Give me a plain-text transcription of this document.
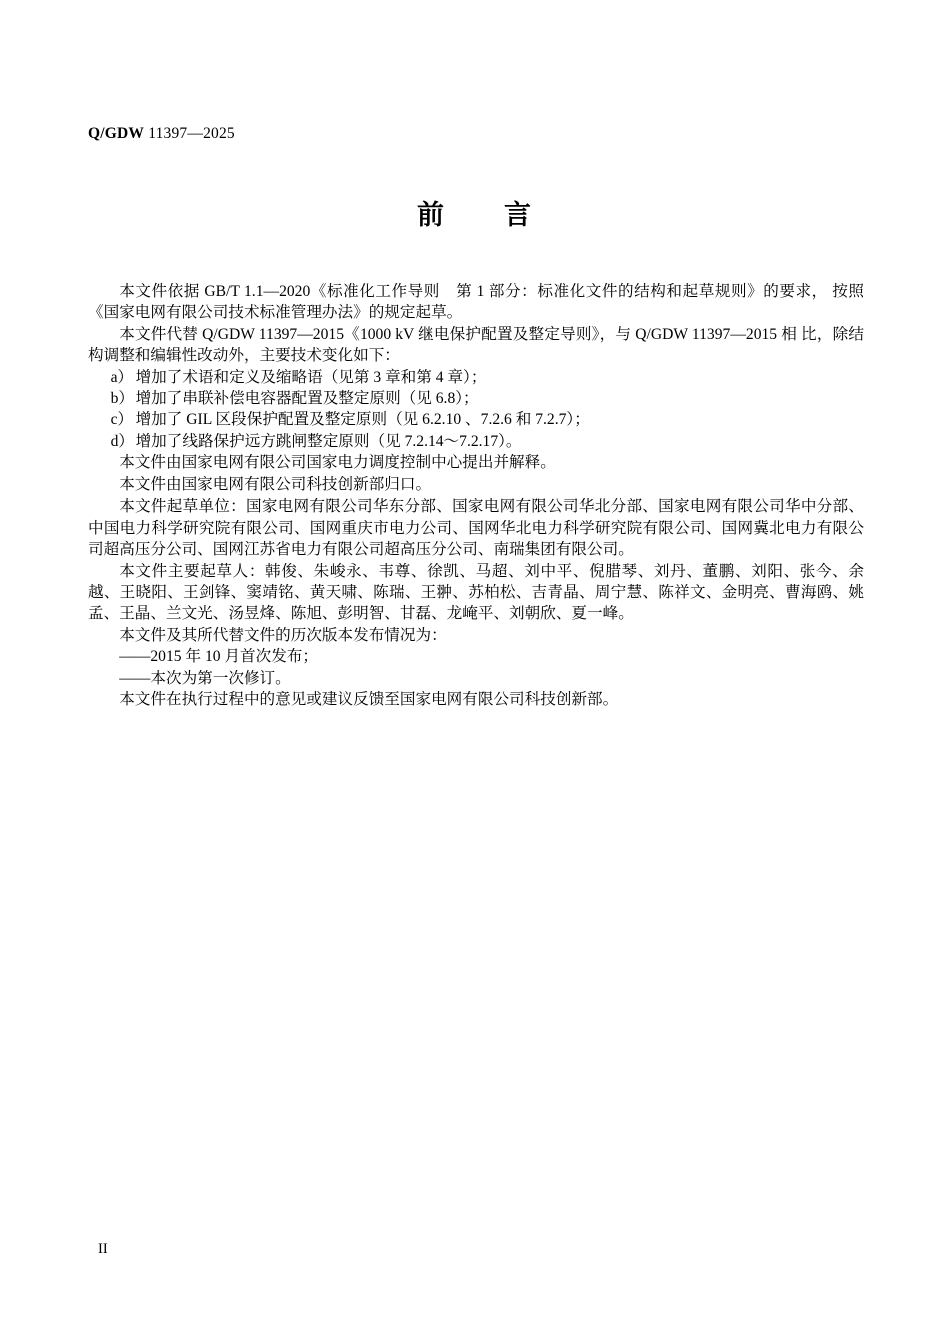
Q/GDW 11397—2025
前　　言

本文件依据 GB/T 1.1—2020《标准化工作导则　第 1 部分：标准化文件的结构和起草规则》的要求， 按照《国家电网有限公司技术标准管理办法》的规定起草。

本文件代替 Q/GDW 11397—2015《1000 kV 继电保护配置及整定导则》，与 Q/GDW 11397—2015 相 比，除结构调整和编辑性改动外，主要技术变化如下：

a） 增加了术语和定义及缩略语（见第 3 章和第 4 章）；

b） 增加了串联补偿电容器配置及整定原则（见 6.8）；

c） 增加了 GIL 区段保护配置及整定原则（见 6.2.10 、7.2.6 和 7.2.7）；

d） 增加了线路保护远方跳闸整定原则（见 7.2.14～7.2.17）。

本文件由国家电网有限公司国家电力调度控制中心提出并解释。

本文件由国家电网有限公司科技创新部归口。

本文件起草单位：国家电网有限公司华东分部、国家电网有限公司华北分部、国家电网有限公司华中分部、中国电力科学研究院有限公司、国网重庆市电力公司、国网华北电力科学研究院有限公司、国网冀北电力有限公司超高压分公司、国网江苏省电力有限公司超高压分公司、南瑞集团有限公司。

本文件主要起草人：韩俊、朱峻永、韦尊、徐凯、马超、刘中平、倪腊琴、刘丹、董鹏、刘阳、张今、余越、王晓阳、王剑锋、窦靖铭、黄天啸、陈瑞、王翀、苏柏松、吉青晶、周宁慧、陈祥文、金明亮、曹海鸥、姚孟、王晶、兰文光、汤昱烽、陈旭、彭明智、甘磊、龙崦平、刘朝欣、夏一峰。

本文件及其所代替文件的历次版本发布情况为：

——2015 年 10 月首次发布；

——本次为第一次修订。

本文件在执行过程中的意见或建议反馈至国家电网有限公司科技创新部。

II
